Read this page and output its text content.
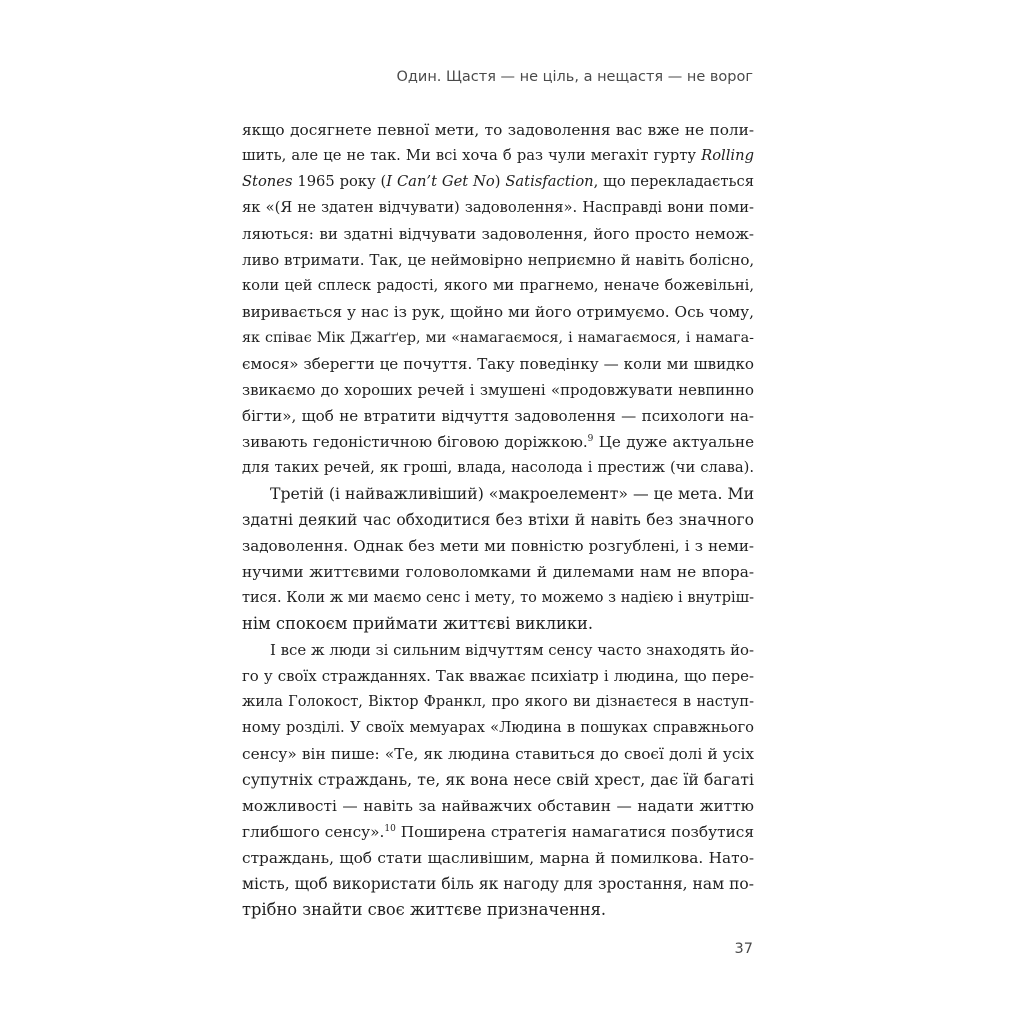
Один. Щастя — не ціль, а нещастя — не ворог
якщо досягнете певної мети, то задоволення вас вже не поли-
шить, але це не так. Ми всі хоча б раз чули мегахіт гурту Rolling
Stones 1965 року (I Can’t Get No) Satisfaction, що перекладається
як «(Я не здатен відчувати) задоволення». Насправді вони поми-
ляються: ви здатні відчувати задоволення, його просто немож-
ливо втримати. Так, це неймовірно неприємно й навіть болісно,
коли цей сплеск радості, якого ми прагнемо, неначе божевільні,
виривається у нас із рук, щойно ми його отримуємо. Ось чому,
як співає Мік Джаґґер, ми «намагаємося, і намагаємося, і намага-
ємося» зберегти це почуття. Таку поведінку — коли ми швидко
звикаємо до хороших речей і змушені «продовжувати невпинно
бігти», щоб не втратити відчуття задоволення — психологи на-
зивають гедоністичною біговою доріжкою.$^9$ Це дуже актуальне
для таких речей, як гроші, влада, насолода і престиж (чи слава).
Третій (і найважливіший) «макроелемент» — це мета. Ми
здатні деякий час обходитися без втіхи й навіть без значного
задоволення. Однак без мети ми повністю розгублені, і з неми-
нучими життєвими головоломками й дилемами нам не впора-
тися. Коли ж ми маємо сенс і мету, то можемо з надією і внутріш-
нім спокоєм приймати життєві виклики.
І все ж люди зі сильним відчуттям сенсу часто знаходять йо-
го у своїх стражданнях. Так вважає психіатр і людина, що пере-
жила Голокост, Віктор Франкл, про якого ви дізнаєтеся в наступ-
ному розділі. У своїх мемуарах «Людина в пошуках справжнього
сенсу» він пише: «Те, як людина ставиться до своєї долі й усіх
супутніх страждань, те, як вона несе свій хрест, дає їй багаті
можливості — навіть за найважчих обставин — надати життю
глибшого сенсу».$^{10}$ Поширена стратегія намагатися позбутися
страждань, щоб стати щасливішим, марна й помилкова. Нато-
мість, щоб використати біль як нагоду для зростання, нам по-
трібно знайти своє життєве призначення.
37
